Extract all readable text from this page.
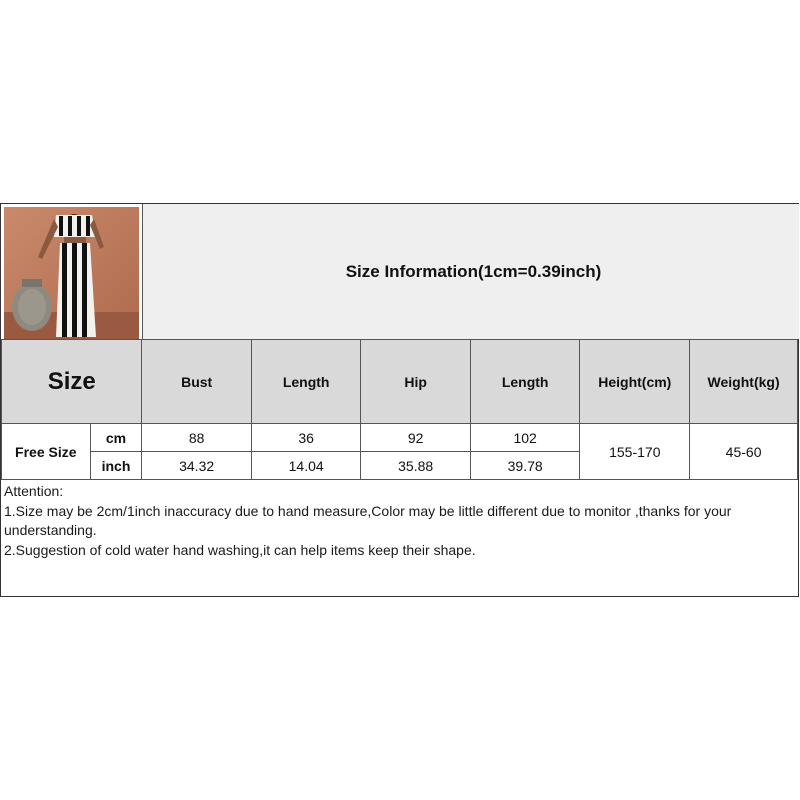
Size Information(1cm=0.39inch)
Size		Bust	Length	Hip	Length	Height(cm)	Weight(kg)
Free Size	cm	88	36	92	102	155-170	45-60
	inch	34.32	14.04	35.88	39.78		
Attention:
1.Size may be 2cm/1inch inaccuracy due to hand measure,Color may be little different due to monitor ,thanks for your understanding.
2.Suggestion of cold water hand washing,it can help items keep their shape.
